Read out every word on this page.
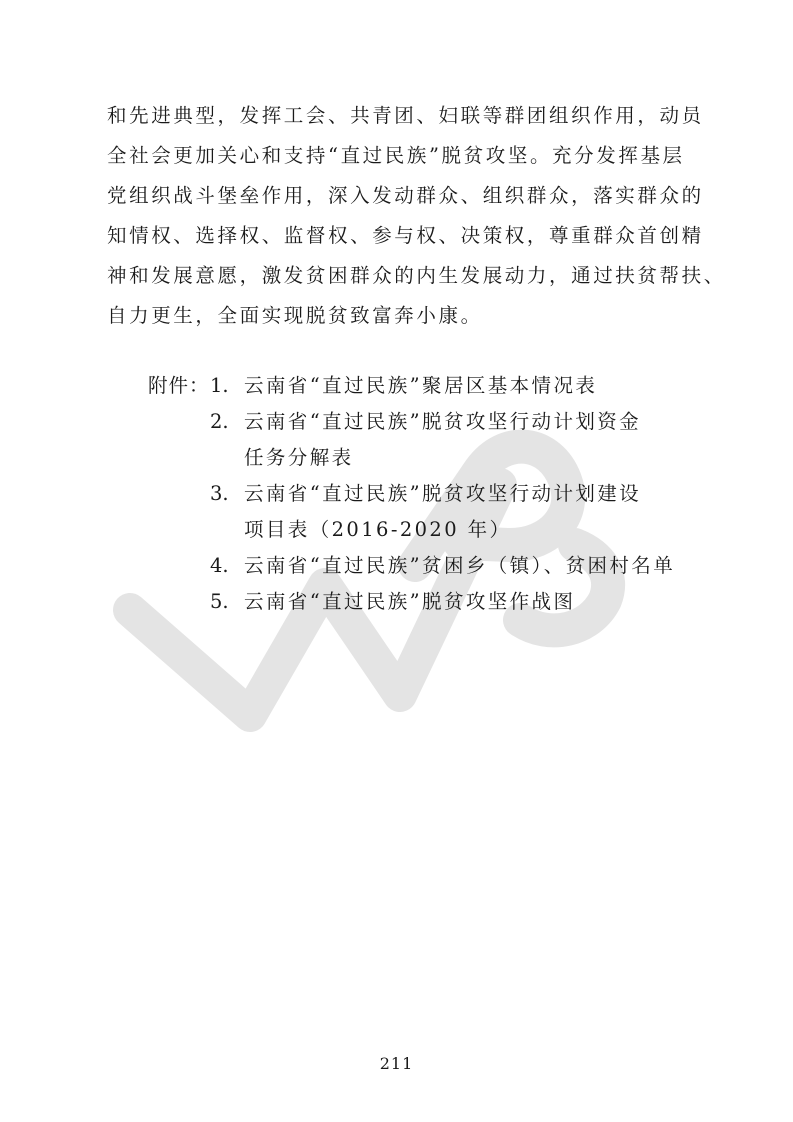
和先进典型，发挥工会、共青团、妇联等群团组织作用，动员
全社会更加关心和支持“直过民族”脱贫攻坚。充分发挥基层
党组织战斗堡垒作用，深入发动群众、组织群众，落实群众的
知情权、选择权、监督权、参与权、决策权，尊重群众首创精
神和发展意愿，激发贫困群众的内生发展动力，通过扶贫帮扶、
自力更生，全面实现脱贫致富奔小康。
附件： 1. 云南省“直过民族”聚居区基本情况表
2. 云南省“直过民族”脱贫攻坚行动计划资金
任务分解表
3. 云南省“直过民族”脱贫攻坚行动计划建设
项目表（2016-2020 年）
4. 云南省“直过民族”贫困乡（镇）、贫困村名单
5. 云南省“直过民族”脱贫攻坚作战图
211
